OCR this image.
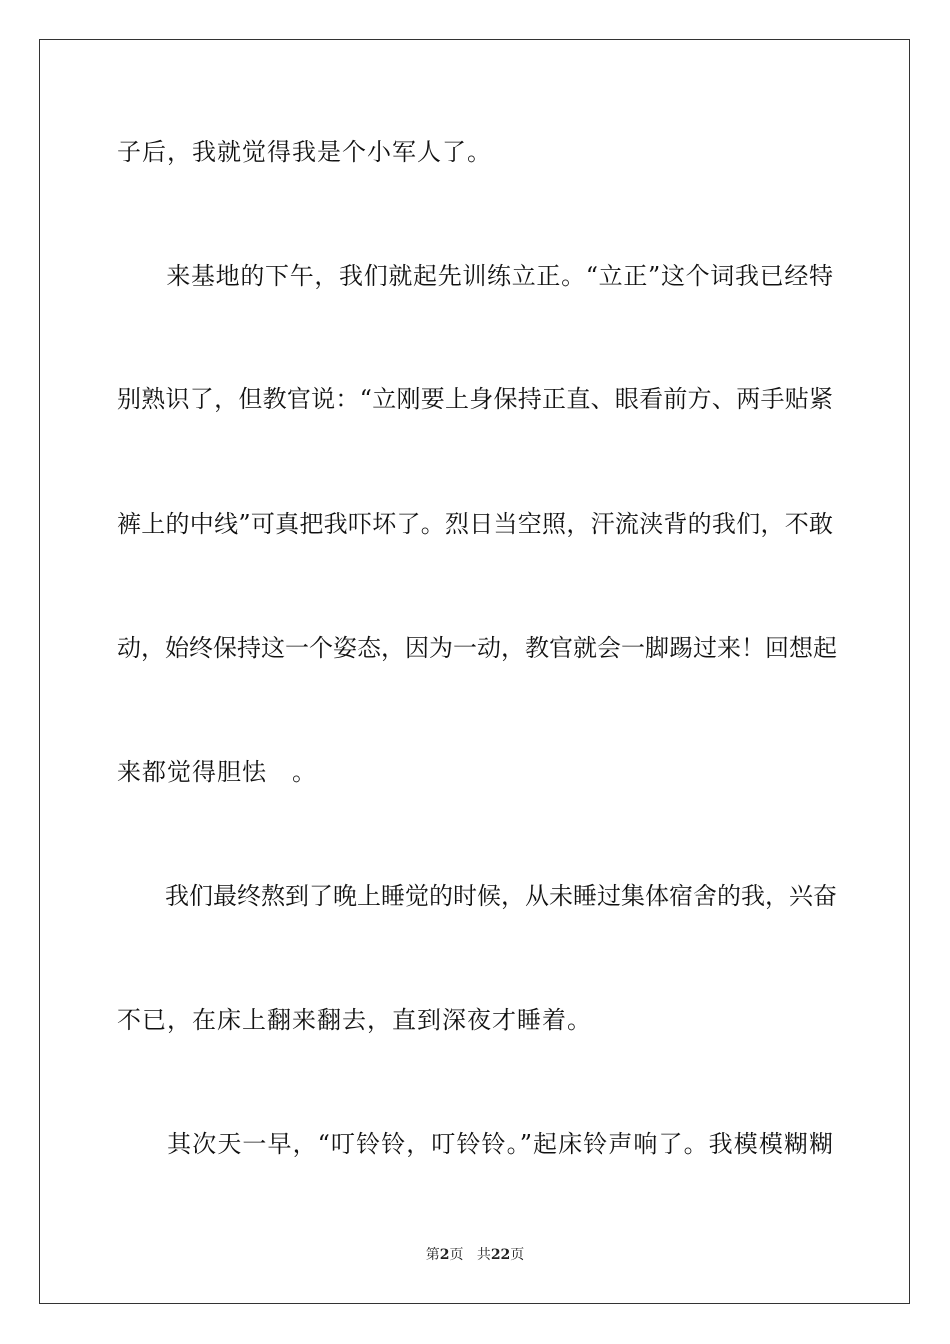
子后，我就觉得我是个小军人了。
　　来基地的下午，我们就起先训练立正。“立正”这个词我已经特
别熟识了，但教官说：“立刚要上身保持正直、眼看前方、两手贴紧
裤上的中线”可真把我吓坏了。烈日当空照，汗流浃背的我们，不敢
动，始终保持这一个姿态，因为一动，教官就会一脚踢过来！回想起
来都觉得胆怯　。
　　我们最终熬到了晚上睡觉的时候，从未睡过集体宿舍的我，兴奋
不已，在床上翻来翻去，直到深夜才睡着。
　　其次天一早，“叮铃铃，叮铃铃。”起床铃声响了。我模模糊糊
第2页 共22页
